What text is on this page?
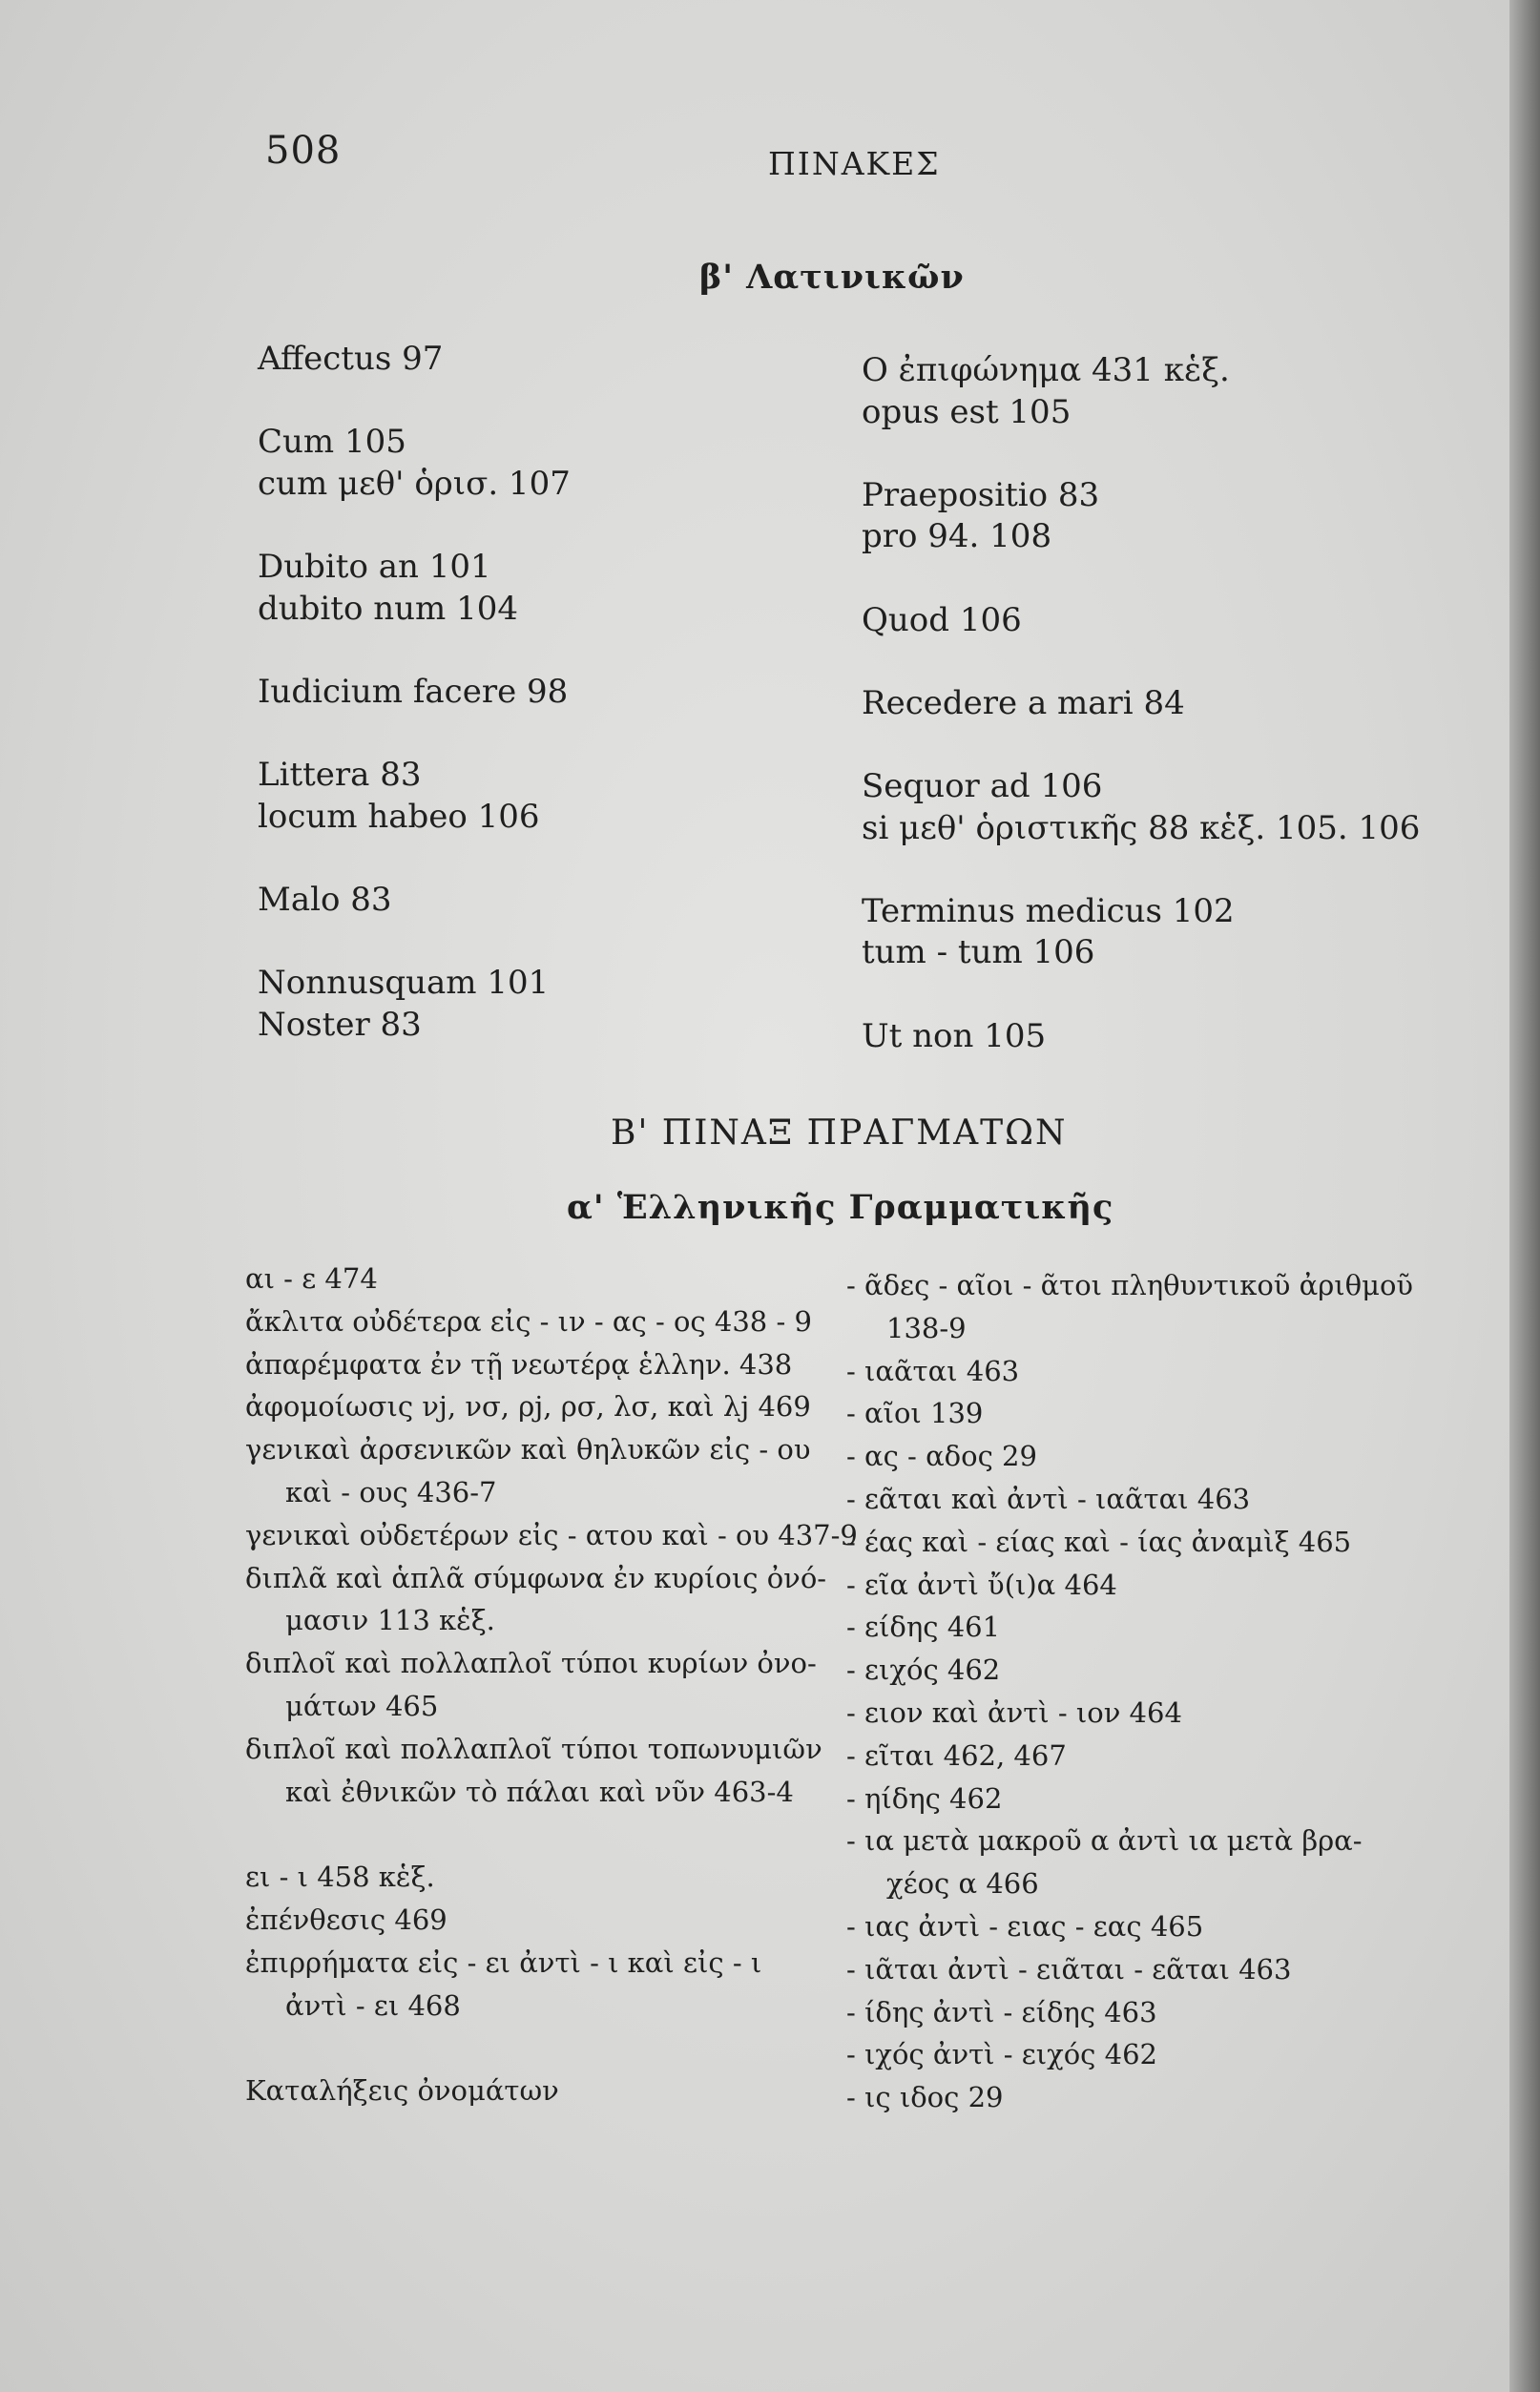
508	ΠΙΝΑΚΕΣ
β' Λατινικῶν
Affectus 97
Cum 105
cum μεθ' ὁρισ. 107
Dubito an 101
dubito num 104
Iudicium facere 98
Littera 83
locum habeo 106
Malo 83
Nonnusquam 101
Noster 83
O ἐπιφώνημα 431 κἑξ.
opus est 105
Praepositio 83
pro 94. 108
Quod 106
Recedere a mari 84
Sequor ad 106
si μεθ' ὁριστικῆς 88 κἑξ. 105. 106
Terminus medicus 102
tum - tum 106
Ut non 105
Β' ΠΙΝΑΞ ΠΡΑΓΜΑΤΩΝ
α' Ἑλληνικῆς Γραμματικῆς
αι - ε 474
ἄκλιτα οὐδέτερα εἰς - ιν - ας - ος 438 - 9
ἀπαρέμφατα ἐν τῇ νεωτέρᾳ ἑλλην. 438
ἀφομοίωσις νj, νσ, ρj, ρσ, λσ, καὶ λj 469
γενικαὶ ἀρσενικῶν καὶ θηλυκῶν εἰς - ου
καὶ - ους 436-7
γενικαὶ οὐδετέρων εἰς - ατου καὶ - ου 437-9
διπλᾶ καὶ ἁπλᾶ σύμφωνα ἐν κυρίοις ὀνό-
μασιν 113 κἑξ.
διπλοῖ καὶ πολλαπλοῖ τύποι κυρίων ὀνο-
μάτων 465
διπλοῖ καὶ πολλαπλοῖ τύποι τοπωνυμιῶν
καὶ ἐθνικῶν τὸ πάλαι καὶ νῦν 463-4
ει - ι 458 κἑξ.
ἐπένθεσις 469
ἐπιρρήματα εἰς - ει ἀντὶ - ι καὶ εἰς - ι
ἀντὶ - ει 468
Καταλήξεις ὀνομάτων
- ᾶδες - αῖοι - ᾶτοι πληθυντικοῦ ἀριθμοῦ
138-9
- ιαᾶται 463
- αῖοι 139
- ας - αδος 29
- εᾶται καὶ ἀντὶ - ιαᾶται 463
- έας καὶ - είας καὶ - ίας ἀναμὶξ 465
- εῖα ἀντὶ ὔ(ι)α 464
- είδης 461
- ειχός 462
- ειον καὶ ἀντὶ - ιον 464
- εῖται 462, 467
- ηίδης 462
- ια μετὰ μακροῦ α ἀντὶ ια μετὰ βρα-
χέος α 466
- ιας ἀντὶ - ειας - εας 465
- ιᾶται ἀντὶ - ειᾶται - εᾶται 463
- ίδης ἀντὶ - είδης 463
- ιχός ἀντὶ - ειχός 462
- ις ιδος 29
